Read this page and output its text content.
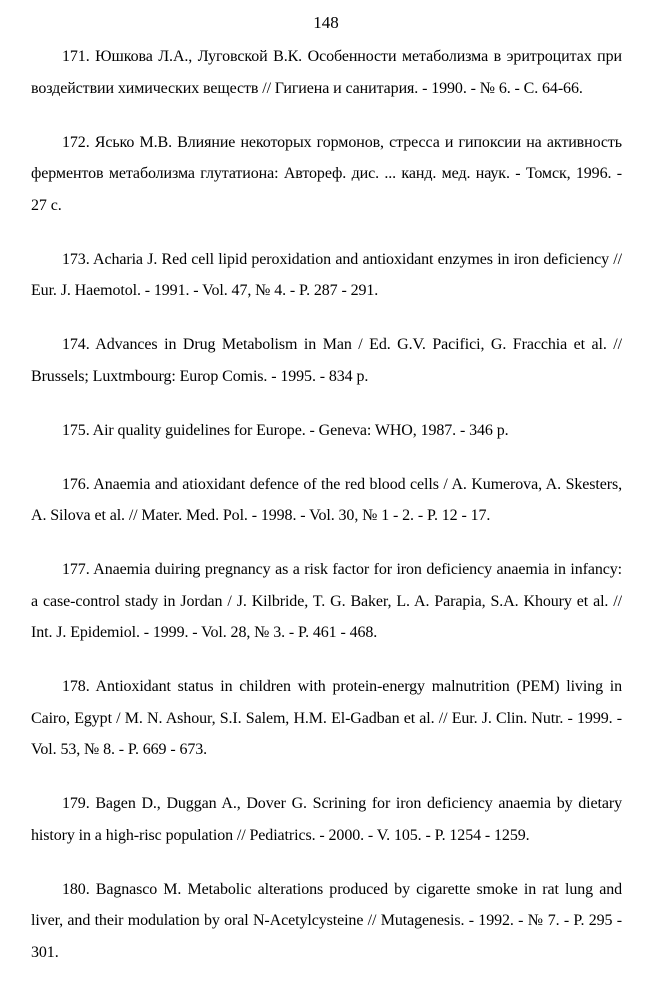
148

171. Юшкова Л.А., Луговской В.К. Особенности метаболизма в эритроцитах при воздействии химических веществ // Гигиена и санитария. - 1990. - № 6. - С. 64-66.

172. Ясько М.В. Влияние некоторых гормонов, стресса и гипоксии на активность ферментов метаболизма глутатиона: Автореф. дис. ... канд. мед. наук. - Томск, 1996. - 27 с.

173. Acharia J. Red cell lipid peroxidation and antioxidant enzymes in iron deficiency // Eur. J. Haemotol. - 1991. - Vol. 47, № 4. - P. 287 - 291.

174. Advances in Drug Metabolism in Man / Ed. G.V. Pacifici, G. Fracchia et al. // Brussels; Luxtmbourg: Europ Comis. - 1995. - 834 p.

175. Air quality guidelines for Europe. - Geneva: WHO, 1987. - 346 p.

176. Anaemia and atioxidant defence of the red blood cells / A. Kumerova, A. Skesters, A. Silova et al. // Mater. Med. Pol. - 1998. - Vol. 30, № 1 - 2. - P. 12 - 17.

177. Anaemia duiring pregnancy as a risk factor for iron deficiency anaemia in infancy: a case-control stady in Jordan / J. Kilbride, T. G. Baker, L. A. Parapia, S.A. Khoury et al. // Int. J. Epidemiol. - 1999. - Vol. 28, № 3. - P. 461 - 468.

178. Antioxidant status in children with protein-energy malnutrition (PEM) living in Cairo, Egypt / M. N. Ashour, S.I. Salem, H.M. El-Gadban et al. // Eur. J. Clin. Nutr. - 1999. - Vol. 53, № 8. - P. 669 - 673.

179. Bagen D., Duggan A., Dover G. Scrining for iron deficiency anaemia by dietary history in a high-risc population // Pediatrics. - 2000. - V. 105. - P. 1254 - 1259.

180. Bagnasco M. Metabolic alterations produced by cigarette smoke in rat lung and liver, and their modulation by oral N-Acetylcysteine // Mutagenesis. - 1992. - № 7. - P. 295 - 301.
